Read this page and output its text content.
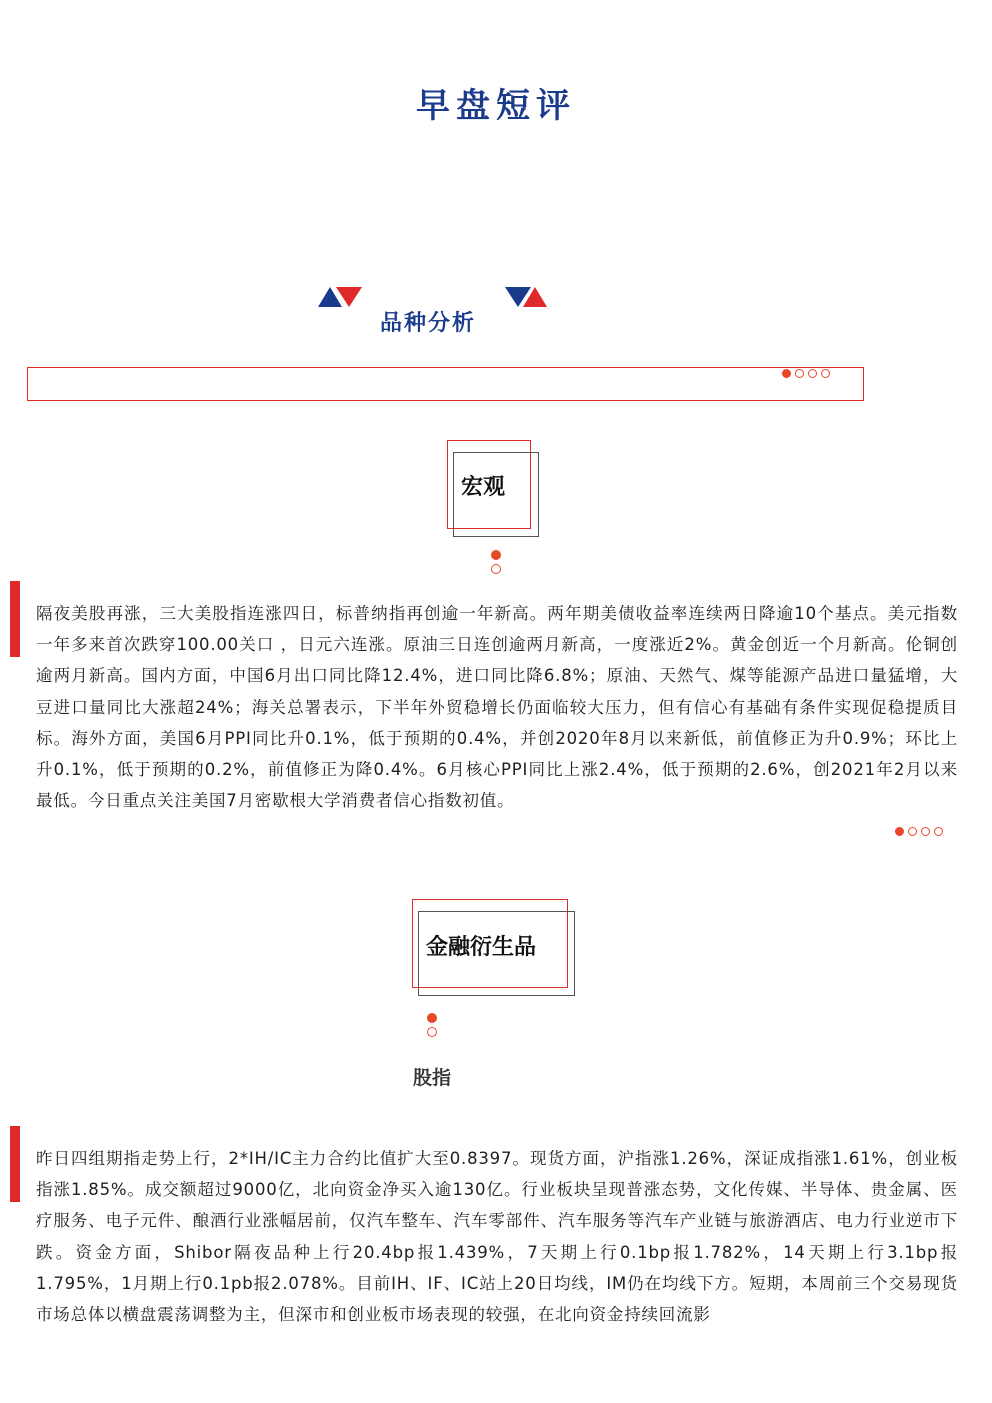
早盘短评
品种分析
宏观
隔夜美股再涨，三大美股指连涨四日，标普纳指再创逾一年新高。两年期美债收益率连续两日降逾10个基点。美元指数一年多来首次跌穿100.00关口 ，日元六连涨。原油三日连创逾两月新高，一度涨近2%。黄金创近一个月新高。伦铜创逾两月新高。国内方面，中国6月出口同比降12.4%，进口同比降6.8%；原油、天然气、煤等能源产品进口量猛增，大豆进口量同比大涨超24%；海关总署表示，下半年外贸稳增长仍面临较大压力，但有信心有基础有条件实现促稳提质目标。海外方面，美国6月PPI同比升0.1%，低于预期的0.4%，并创2020年8月以来新低，前值修正为升0.9%；环比上升0.1%，低于预期的0.2%，前值修正为降0.4%。6月核心PPI同比上涨2.4%，低于预期的2.6%，创2021年2月以来最低。今日重点关注美国7月密歇根大学消费者信心指数初值。
金融衍生品
股指
昨日四组期指走势上行，2*IH/IC主力合约比值扩大至0.8397。现货方面，沪指涨1.26%，深证成指涨1.61%，创业板指涨1.85%。成交额超过9000亿，北向资金净买入逾130亿。行业板块呈现普涨态势，文化传媒、半导体、贵金属、医疗服务、电子元件、酿酒行业涨幅居前，仅汽车整车、汽车零部件、汽车服务等汽车产业链与旅游酒店、电力行业逆市下跌。资金方面，Shibor隔夜品种上行20.4bp报1.439%，7天期上行0.1bp报1.782%，14天期上行3.1bp报1.795%，1月期上行0.1pb报2.078%。目前IH、IF、IC站上20日均线，IM仍在均线下方。短期，本周前三个交易现货市场总体以横盘震荡调整为主，但深市和创业板市场表现的较强，在北向资金持续回流影
